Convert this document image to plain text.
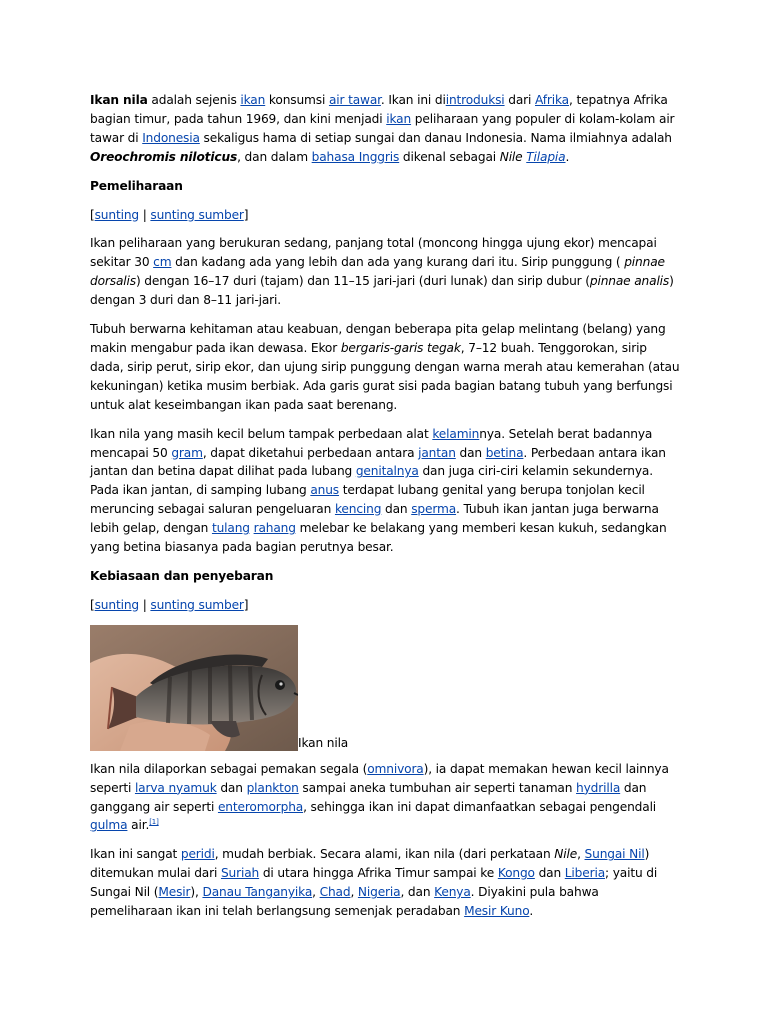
Ikan nila adalah sejenis ikan konsumsi air tawar. Ikan ini diintroduksi dari Afrika, tepatnya Afrika bagian timur, pada tahun 1969, dan kini menjadi ikan peliharaan yang populer di kolam-kolam air tawar di Indonesia sekaligus hama di setiap sungai dan danau Indonesia. Nama ilmiahnya adalah Oreochromis niloticus, dan dalam bahasa Inggris dikenal sebagai Nile Tilapia.

Pemeliharaan

[sunting | sunting sumber]

Ikan peliharaan yang berukuran sedang, panjang total (moncong hingga ujung ekor) mencapai sekitar 30 cm dan kadang ada yang lebih dan ada yang kurang dari itu. Sirip punggung ( pinnae dorsalis) dengan 16–17 duri (tajam) dan 11–15 jari-jari (duri lunak) dan sirip dubur (pinnae analis) dengan 3 duri dan 8–11 jari-jari.

Tubuh berwarna kehitaman atau keabuan, dengan beberapa pita gelap melintang (belang) yang makin mengabur pada ikan dewasa. Ekor bergaris-garis tegak, 7–12 buah. Tenggorokan, sirip dada, sirip perut, sirip ekor, dan ujung sirip punggung dengan warna merah atau kemerahan (atau kekuningan) ketika musim berbiak. Ada garis gurat sisi pada bagian batang tubuh yang berfungsi untuk alat keseimbangan ikan pada saat berenang.

Ikan nila yang masih kecil belum tampak perbedaan alat kelaminnya. Setelah berat badannya mencapai 50 gram, dapat diketahui perbedaan antara jantan dan betina. Perbedaan antara ikan jantan dan betina dapat dilihat pada lubang genitalnya dan juga ciri-ciri kelamin sekundernya. Pada ikan jantan, di samping lubang anus terdapat lubang genital yang berupa tonjolan kecil meruncing sebagai saluran pengeluaran kencing dan sperma. Tubuh ikan jantan juga berwarna lebih gelap, dengan tulang rahang melebar ke belakang yang memberi kesan kukuh, sedangkan yang betina biasanya pada bagian perutnya besar.

Kebiasaan dan penyebaran

[sunting | sunting sumber]

Ikan nila

Ikan nila dilaporkan sebagai pemakan segala (omnivora), ia dapat memakan hewan kecil lainnya seperti larva nyamuk dan plankton sampai aneka tumbuhan air seperti tanaman hydrilla dan ganggang air seperti enteromorpha, sehingga ikan ini dapat dimanfaatkan sebagai pengendali gulma air.[1]

Ikan ini sangat peridi, mudah berbiak. Secara alami, ikan nila (dari perkataan Nile, Sungai Nil) ditemukan mulai dari Suriah di utara hingga Afrika Timur sampai ke Kongo dan Liberia; yaitu di Sungai Nil (Mesir), Danau Tanganyika, Chad, Nigeria, dan Kenya. Diyakini pula bahwa pemeliharaan ikan ini telah berlangsung semenjak peradaban Mesir Kuno.
